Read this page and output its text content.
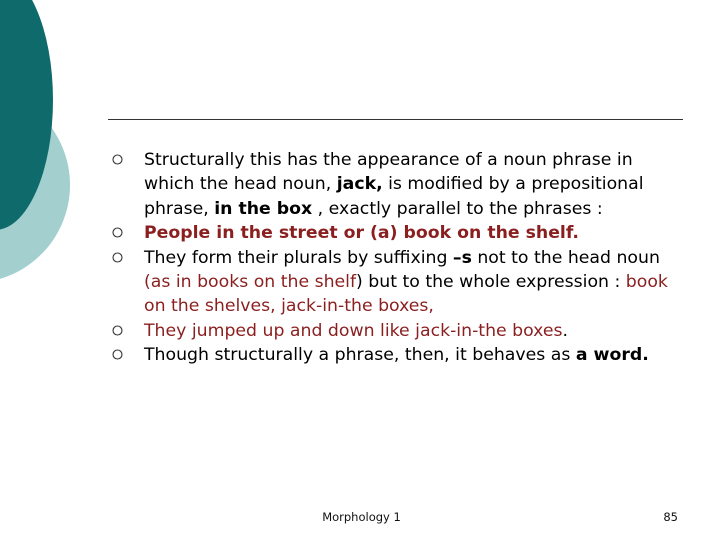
Structurally this has the appearance of a noun phrase in which the head noun, jack, is modified by a prepositional phrase, in the box , exactly parallel to the phrases :
People in the street or (a) book on the shelf.
They form their plurals by suffixing –s not to the head noun (as in books on the shelf) but to the whole expression : book on the shelves, jack-in-the boxes,
They jumped up and down like jack-in-the boxes.
Though structurally a phrase, then, it behaves as a word.
Morphology 1	85
